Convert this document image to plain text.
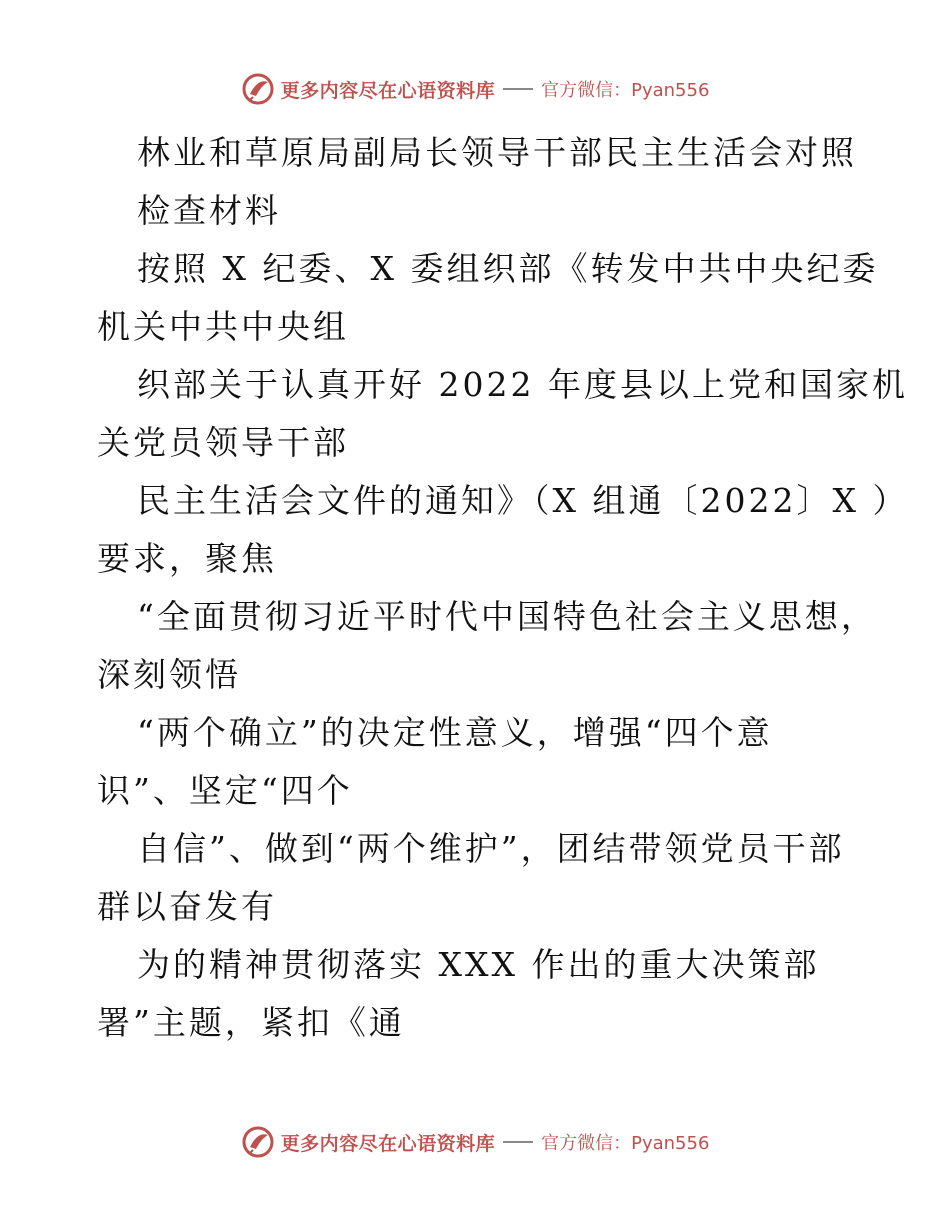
更多内容尽在心语资料库	官方微信：Pyan556
林业和草原局副局长领导干部民主生活会对照
检查材料
按照 X 纪委、X 委组织部《转发中共中央纪委
机关中共中央组
织部关于认真开好 2022 年度县以上党和国家机
关党员领导干部
民主生活会文件的通知》（X 组通〔2022〕X ）
要求，聚焦
“全面贯彻习近平时代中国特色社会主义思想，
深刻领悟
“两个确立”的决定性意义，增强“四个意
识”、坚定“四个
自信”、做到“两个维护”，团结带领党员干部
群以奋发有
为的精神贯彻落实 XXX 作出的重大决策部
署”主题，紧扣《通
更多内容尽在心语资料库	官方微信：Pyan556
